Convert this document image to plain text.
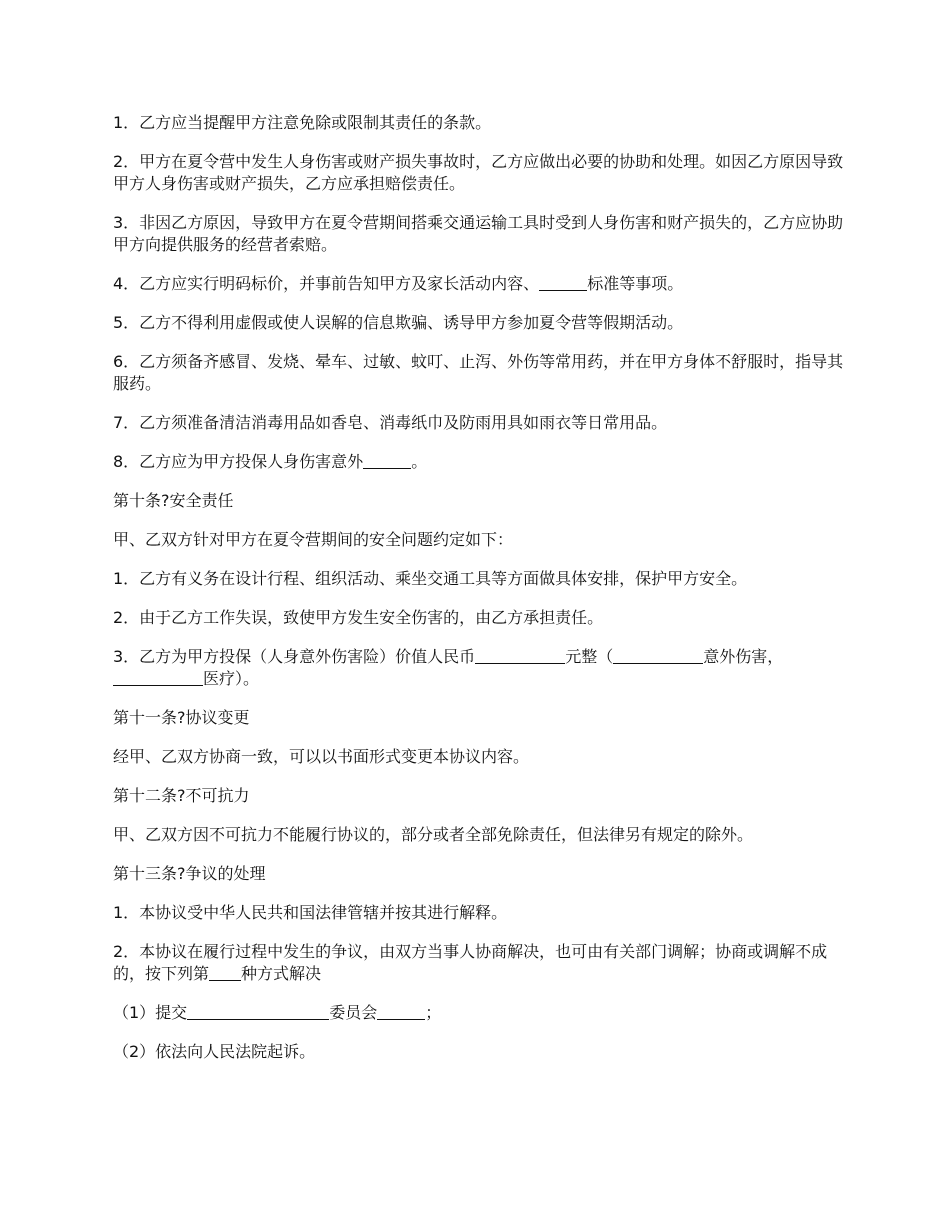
1．乙方应当提醒甲方注意免除或限制其责任的条款。

2．甲方在夏令营中发生人身伤害或财产损失事故时，乙方应做出必要的协助和处理。如因乙方原因导致甲方人身伤害或财产损失，乙方应承担赔偿责任。

3．非因乙方原因，导致甲方在夏令营期间搭乘交通运输工具时受到人身伤害和财产损失的，乙方应协助甲方向提供服务的经营者索赔。

4．乙方应实行明码标价，并事前告知甲方及家长活动内容、	标准等事项。

5．乙方不得利用虚假或使人误解的信息欺骗、诱导甲方参加夏令营等假期活动。

6．乙方须备齐感冒、发烧、晕车、过敏、蚊叮、止泻、外伤等常用药，并在甲方身体不舒服时，指导其服药。

7．乙方须准备清洁消毒用品如香皂、消毒纸巾及防雨用具如雨衣等日常用品。

8．乙方应为甲方投保人身伤害意外	。

第十条?安全责任

甲、乙双方针对甲方在夏令营期间的安全问题约定如下：

1．乙方有义务在设计行程、组织活动、乘坐交通工具等方面做具体安排，保护甲方安全。

2．由于乙方工作失误，致使甲方发生安全伤害的，由乙方承担责任。

3．乙方为甲方投保（人身意外伤害险）价值人民币	元整（	意外伤害，医疗）。

第十一条?协议变更

经甲、乙双方协商一致，可以以书面形式变更本协议内容。

第十二条?不可抗力

甲、乙双方因不可抗力不能履行协议的，部分或者全部免除责任，但法律另有规定的除外。

第十三条?争议的处理

1．本协议受中华人民共和国法律管辖并按其进行解释。

2．本协议在履行过程中发生的争议，由双方当事人协商解决，也可由有关部门调解；协商或调解不成的，按下列第 种方式解决

（1）提交	委员会	；

（2）依法向人民法院起诉。
